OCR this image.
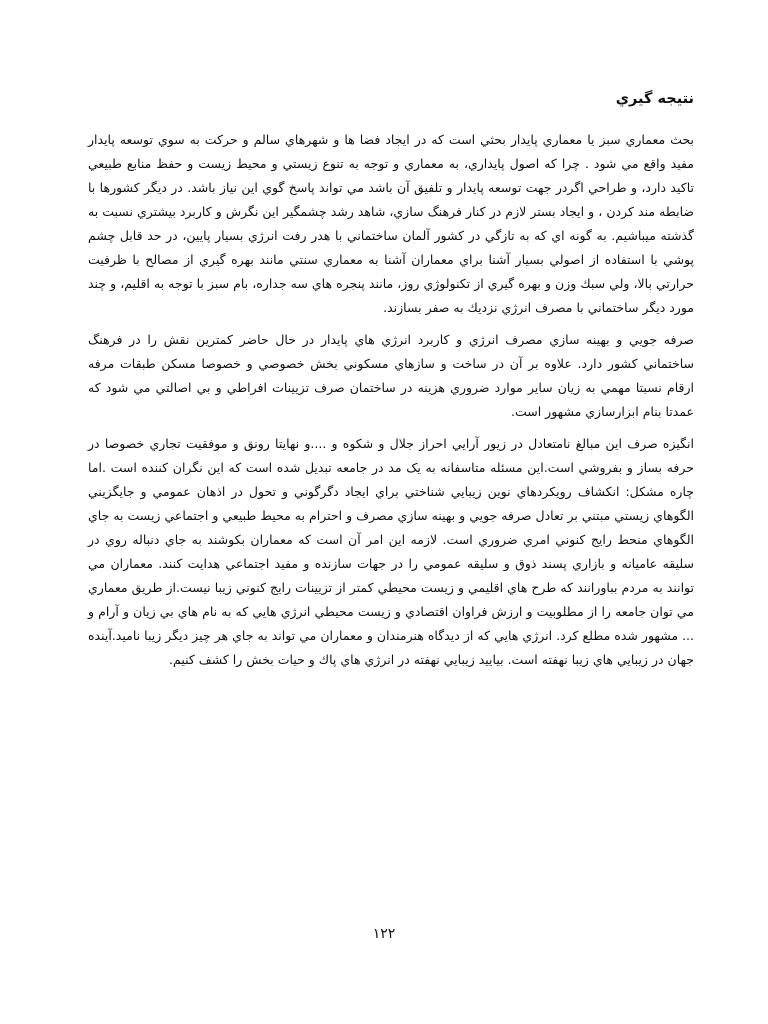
نتيجه گيري

بحث معماري سبز يا معماري پايدار بحثي است كه در ايجاد فضا ها و شهرهاي سالم و حركت به سوي توسعه پايدار مفيد واقع مي شود . چرا كه اصول پايداري، به معماري و توجه به تنوع زيستي و محيط زيست و حفظ منابع طبيعي تاكيد دارد، و طراحي اگردر جهت توسعه پايدار و تلفيق آن باشد مي تواند پاسخ گوي اين نياز باشد. در ديگر كشورها با ضابطه مند كردن ، و ايجاد بستر لازم در كنار فرهنگ سازي، شاهد رشد چشمگير اين نگرش و كاربرد بيشتري نسبت به گذشته ميباشيم. به گونه اي كه به تازگي در كشور آلمان ساختماني با هدر رفت انرژي بسيار پايين، در حد قابل چشم پوشي با استفاده از اصولي بسيار آشنا براي معماران آشنا به معماري سنتي مانند بهره گيري از مصالح با ظرفيت حرارتي بالا، ولي سبك وزن و بهره گيري از تكنولوژي روز، مانند پنجره هاي سه جداره، بام سبز با توجه به اقليم، و چند مورد ديگر ساختماني با مصرف انرژي نزديك به صفر بسازند.

صرفه جويي و بهينه سازي مصرف انرژي و كاربرد انرژي هاي پايدار در حال حاضر كمترين نقش را در فرهنگ ساختماني كشور دارد. علاوه بر آن در ساخت و سازهاي مسكوني بخش خصوصي و خصوصا مسكن طبقات مرفه ارقام نسبتا مهمي به زيان ساير موارد ضروري هزينه در ساختمان صرف تزيينات افراطي و بي اصالتي مي شود كه عمدتا بنام ابزارسازي مشهور است.

انگيزه صرف اين مبالغ نامتعادل در زيور آرايي احراز جلال و شكوه و ....و نهايتا رونق و موفقيت تجاري خصوصا در حرفه بساز و بفروشي است.اين مسئله متاسفانه به يک مد در جامعه تبديل شده است كه اين نگران كننده است .اما چاره مشكل: انكشاف رويكردهاي نوين زيبايي شناختي براي ايجاد دگرگوني و تحول در اذهان عمومي و جايگزيني الگوهاي زيستي مبتني بر تعادل صرفه جويي و بهينه سازي مصرف و احترام به محيط طبيعي و اجتماعي زيست به جاي الگوهاي منحط رايج كنوني امري ضروري است. لازمه اين امر آن است كه معماران بكوشند به جاي دنباله روي در سليقه عاميانه و بازاري پسند ذوق و سليقه عمومي را در جهات سازنده و مفيد اجتماعي هدايت كنند. معماران مي توانند به مردم بباورانند كه طرح هاي اقليمي و زيست محيطي كمتر از تزيينات رايج كنوني زيبا نيست.از طريق معماري مي توان جامعه را از مطلوبيت و ارزش فراوان اقتصادي و زيست محيطي انرژي هايي كه به نام هاي بي زيان و آرام و ... مشهور شده مطلع كرد. انرژي هايي كه از ديدگاه هنرمندان و معماران مي تواند به جاي هر چيز ديگر زيبا ناميد.آينده جهان در زيبايي هاي زيبا نهفته است. بياييد زيبايي نهفته در انرژي هاي پاك و حيات بخش را كشف كنيم.

١٢٢
